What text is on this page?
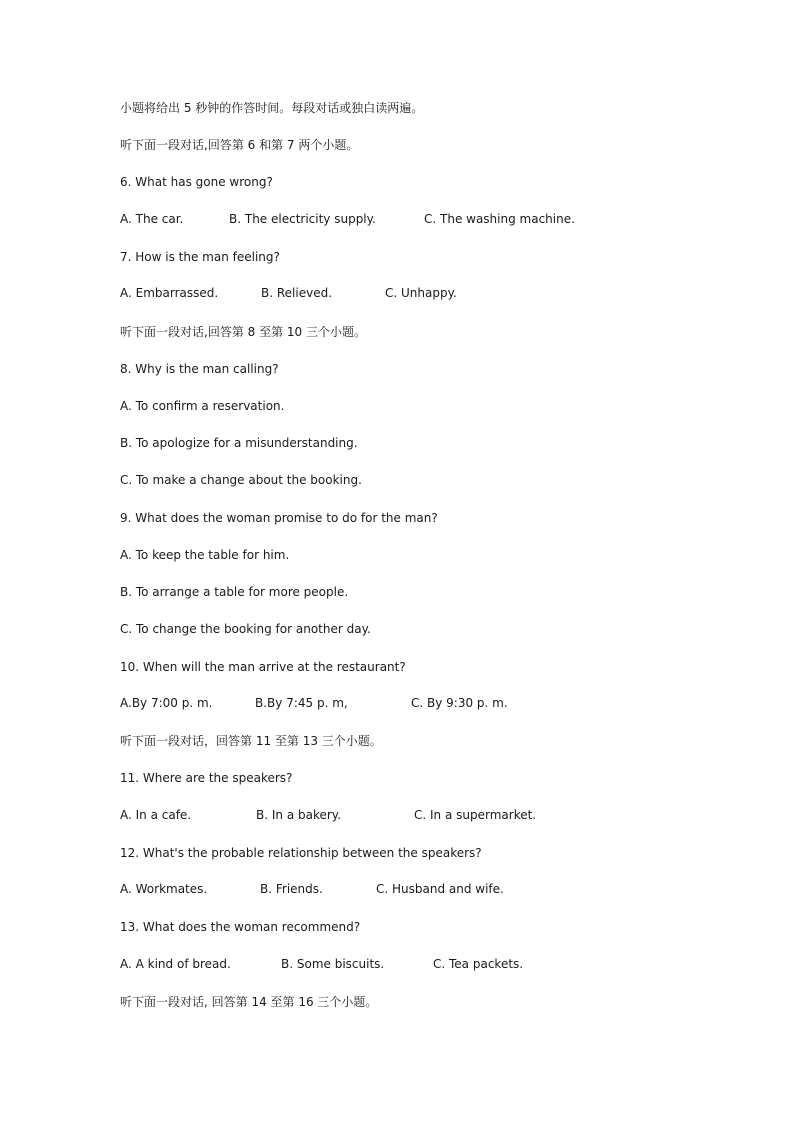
小题将给出 5 秒钟的作答时间。每段对话或独白读两遍。
听下面一段对话,回答第 6 和第 7 两个小题。
6. What has gone wrong?
A. The car.	B. The electricity supply.	C. The washing machine.
7. How is the man feeling?
A. Embarrassed.	B. Relieved.	C. Unhappy.
听下面一段对话,回答第 8 至第 10 三个小题。
8. Why is the man calling?
A. To confirm a reservation.
B. To apologize for a misunderstanding.
C. To make a change about the booking.
9. What does the woman promise to do for the man?
A. To keep the table for him.
B. To arrange a table for more people.
C. To change the booking for another day.
10. When will the man arrive at the restaurant?
A.By 7:00 p. m.	B.By 7:45 p. m,	C. By 9:30 p. m.
听下面一段对话，回答第 11 至第 13 三个小题。
11. Where are the speakers?
A. In a cafe.	B. In a bakery.	C. In a supermarket.
12. What's the probable relationship between the speakers?
A. Workmates.	B. Friends.	C. Husband and wife.
13. What does the woman recommend?
A. A kind of bread.	B. Some biscuits.	C. Tea packets.
听下面一段对话, 回答第 14 至第 16 三个小题。
